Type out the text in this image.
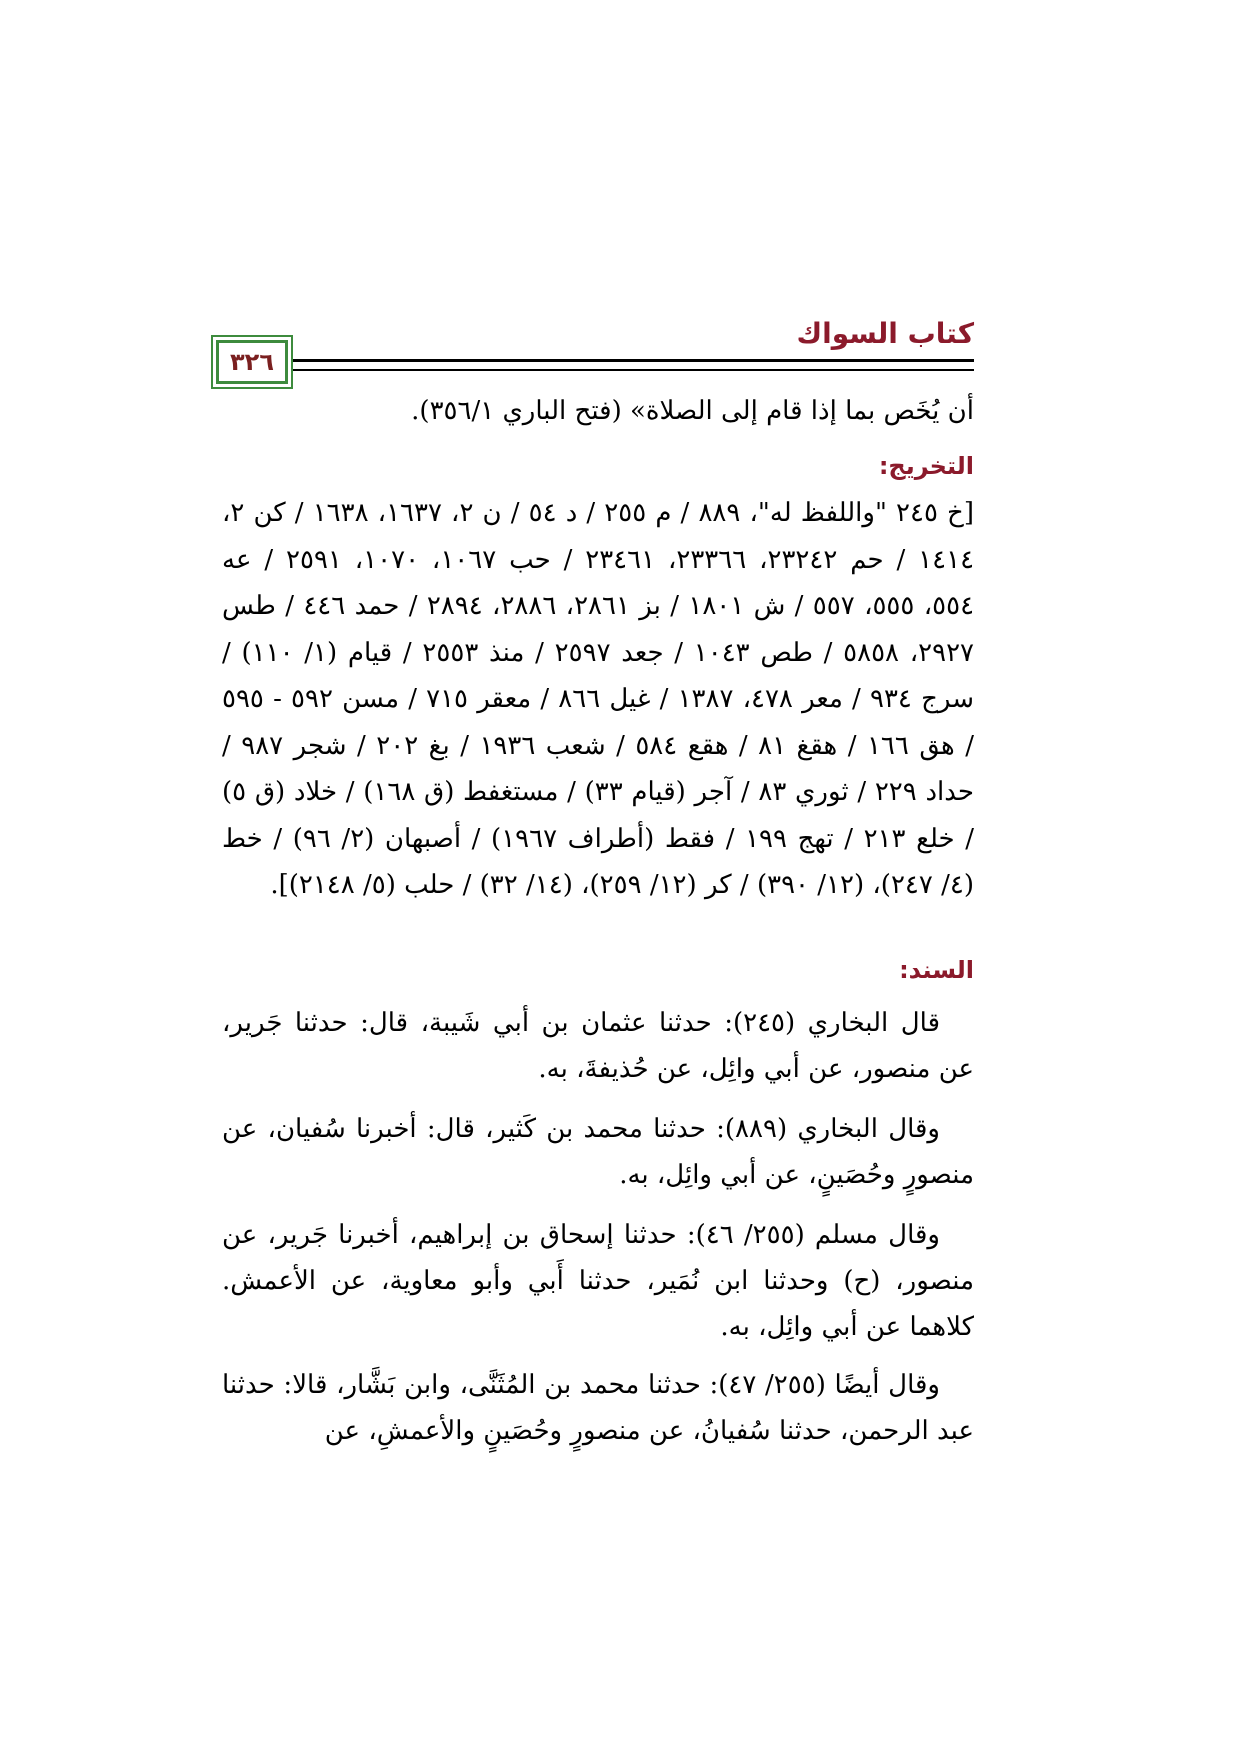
كتاب السواك
٣٢٦

أن يُخَص بما إذا قام إلى الصلاة» (فتح الباري ٣٥٦/١).

التخريج:

[خ ٢٤٥ "واللفظ له"، ٨٨٩ / م ٢٥٥ / د ٥٤ / ن ٢، ١٦٣٧، ١٦٣٨ / كن ٢، ١٤١٤ / حم ٢٣٢٤٢، ٢٣٣٦٦، ٢٣٤٦١ / حب ١٠٦٧، ١٠٧٠، ٢٥٩١ / عه ٥٥٤، ٥٥٥، ٥٥٧ / ش ١٨٠١ / بز ٢٨٦١، ٢٨٨٦، ٢٨٩٤ / حمد ٤٤٦ / طس ٢٩٢٧، ٥٨٥٨ / طص ١٠٤٣ / جعد ٢٥٩٧ / منذ ٢٥٥٣ / قيام (١/ ١١٠) / سرج ٩٣٤ / معر ٤٧٨، ١٣٨٧ / غيل ٨٦٦ / معقر ٧١٥ / مسن ٥٩٢ - ٥٩٥ / هق ١٦٦ / هقغ ٨١ / هقع ٥٨٤ / شعب ١٩٣٦ / بغ ٢٠٢ / شجر ٩٨٧ / حداد ٢٢٩ / ثوري ٨٣ / آجر (قيام ٣٣) / مستغفط (ق ١٦٨) / خلاد (ق ٥) / خلع ٢١٣ / تهج ١٩٩ / فقط (أطراف ١٩٦٧) / أصبهان (٢/ ٩٦) / خط (٤/ ٢٤٧)، (١٢/ ٣٩٠) / كر (١٢/ ٢٥٩)، (١٤/ ٣٢) / حلب (٥/ ٢١٤٨)].

السند:

قال البخاري (٢٤٥): حدثنا عثمان بن أبي شَيبة، قال: حدثنا جَرير، عن منصور، عن أبي وائِل، عن حُذيفةَ، به.

وقال البخاري (٨٨٩): حدثنا محمد بن كَثير، قال: أخبرنا سُفيان، عن منصورٍ وحُصَينٍ، عن أبي وائِل، به.

وقال مسلم (٢٥٥/ ٤٦): حدثنا إسحاق بن إبراهيم، أخبرنا جَرير، عن منصور، (ح) وحدثنا ابن نُمَير، حدثنا أَبي وأبو معاوية، عن الأعمش. كلاهما عن أبي وائِل، به.

وقال أيضًا (٢٥٥/ ٤٧): حدثنا محمد بن المُثَنَّى، وابن بَشَّار، قالا: حدثنا عبد الرحمن، حدثنا سُفيانُ، عن منصورٍ وحُصَينٍ والأعمشِ، عن
